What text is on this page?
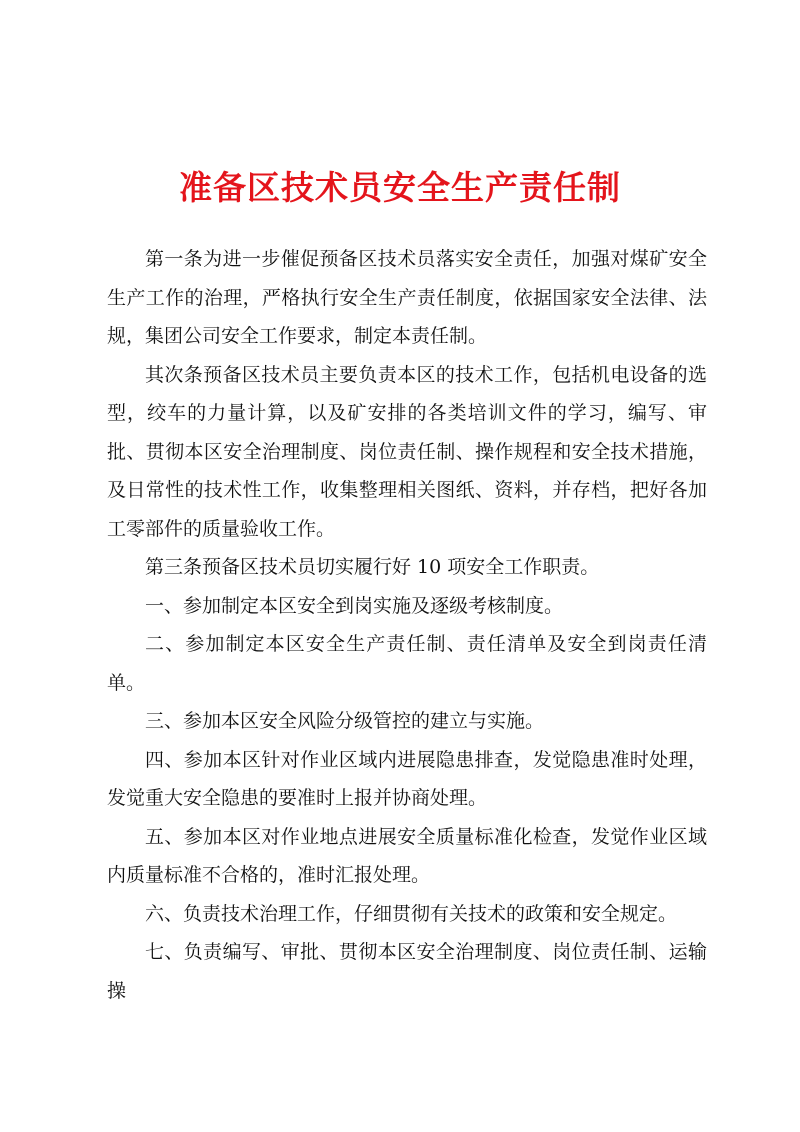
准备区技术员安全生产责任制

第一条为进一步催促预备区技术员落实安全责任，加强对煤矿安全生产工作的治理，严格执行安全生产责任制度，依据国家安全法律、法规，集团公司安全工作要求，制定本责任制。

其次条预备区技术员主要负责本区的技术工作，包括机电设备的选型，绞车的力量计算，以及矿安排的各类培训文件的学习，编写、审批、贯彻本区安全治理制度、岗位责任制、操作规程和安全技术措施，及日常性的技术性工作，收集整理相关图纸、资料，并存档，把好各加工零部件的质量验收工作。

第三条预备区技术员切实履行好 10 项安全工作职责。

一、参加制定本区安全到岗实施及逐级考核制度。

二、参加制定本区安全生产责任制、责任清单及安全到岗责任清单。

三、参加本区安全风险分级管控的建立与实施。

四、参加本区针对作业区域内进展隐患排查，发觉隐患准时处理，发觉重大安全隐患的要准时上报并协商处理。

五、参加本区对作业地点进展安全质量标准化检查，发觉作业区域内质量标准不合格的，准时汇报处理。

六、负责技术治理工作，仔细贯彻有关技术的政策和安全规定。

七、负责编写、审批、贯彻本区安全治理制度、岗位责任制、运输操
